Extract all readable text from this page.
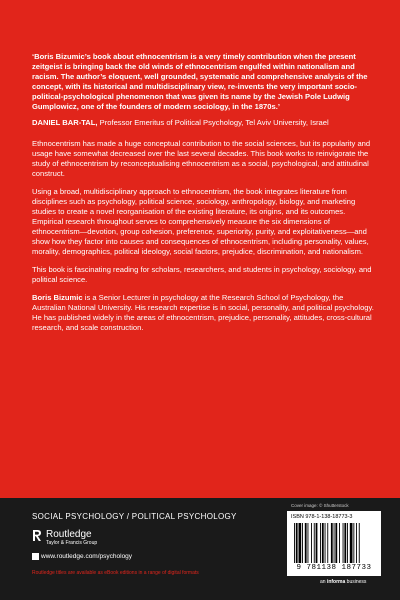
‘Boris Bizumic’s book about ethnocentrism is a very timely contribution when the present zeitgeist is bringing back the old winds of ethnocentrism engulfed within nationalism and racism. The author’s eloquent, well grounded, systematic and comprehensive analysis of the concept, with its historical and multidisciplinary view, re-invents the very important socio-political-psychological phenomenon that was given its name by the Jewish Pole Ludwig Gumplowicz, one of the founders of modern sociology, in the 1870s.’

DANIEL BAR-TAL, Professor Emeritus of Political Psychology, Tel Aviv University, Israel

Ethnocentrism has made a huge conceptual contribution to the social sciences, but its popularity and usage have somewhat decreased over the last several decades. This book works to reinvigorate the study of ethnocentrism by reconceptualising ethnocentrism as a social, psychological, and attitudinal construct.

Using a broad, multidisciplinary approach to ethnocentrism, the book integrates literature from disciplines such as psychology, political science, sociology, anthropology, biology, and marketing studies to create a novel reorganisation of the existing literature, its origins, and its outcomes. Empirical research throughout serves to comprehensively measure the six dimensions of ethnocentrism—devotion, group cohesion, preference, superiority, purity, and exploitativeness—and show how they factor into causes and consequences of ethnocentrism, including personality, values, morality, demographics, political ideology, social factors, prejudice, discrimination, and nationalism.

This book is fascinating reading for scholars, researchers, and students in psychology, sociology, and political science.

Boris Bizumic is a Senior Lecturer in psychology at the Research School of Psychology, the Australian National University. His research expertise is in social, personality, and political psychology. He has published widely in the areas of ethnocentrism, prejudice, personality, attitudes, cross-cultural research, and scale construction.

SOCIAL PSYCHOLOGY / POLITICAL PSYCHOLOGY
Routledge
Taylor & Francis Group
www.routledge.com/psychology
Routledge titles are available as eBook editions in a range of digital formats
Cover image: © Shutterstock
ISBN 978-1-138-18773-3
9 781138 187733
an informa business
